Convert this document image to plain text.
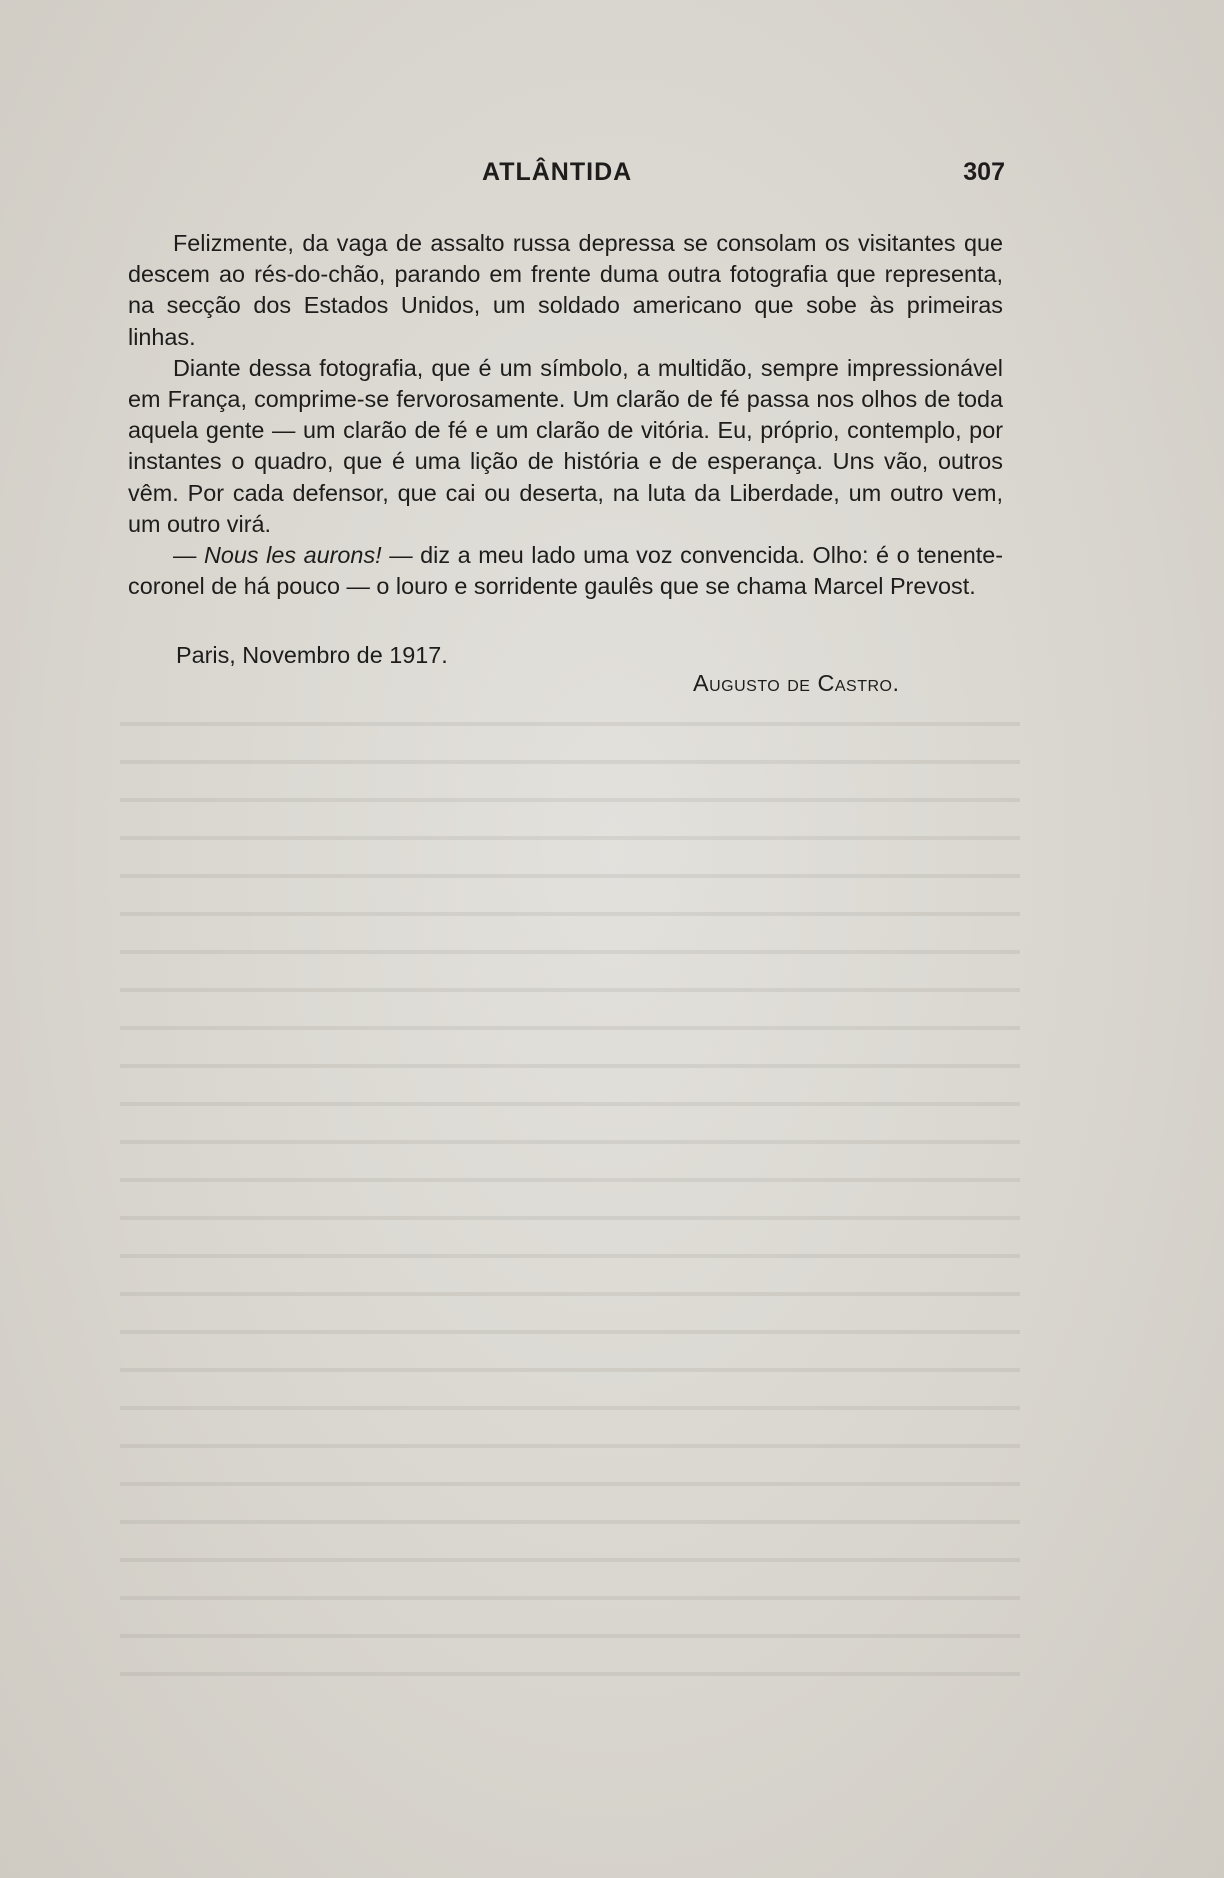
ATLÂNTIDA	307

Felizmente, da vaga de assalto russa depressa se consolam os visitantes que descem ao rés-do-chão, parando em frente duma outra fotografia que representa, na secção dos Estados Unidos, um soldado americano que sobe às primeiras linhas.

Diante dessa fotografia, que é um símbolo, a multidão, sempre impressionável em França, comprime-se fervorosamente. Um clarão de fé passa nos olhos de toda aquela gente — um clarão de fé e um clarão de vitória. Eu, próprio, contemplo, por instantes o quadro, que é uma lição de história e de esperança. Uns vão, outros vêm. Por cada defensor, que cai ou deserta, na luta da Liberdade, um outro vem, um outro virá.

— Nous les aurons! — diz a meu lado uma voz convencida. Olho: é o tenente-coronel de há pouco — o louro e sorridente gaulês que se chama Marcel Prevost.

Paris, Novembro de 1917.
Augusto de Castro.
